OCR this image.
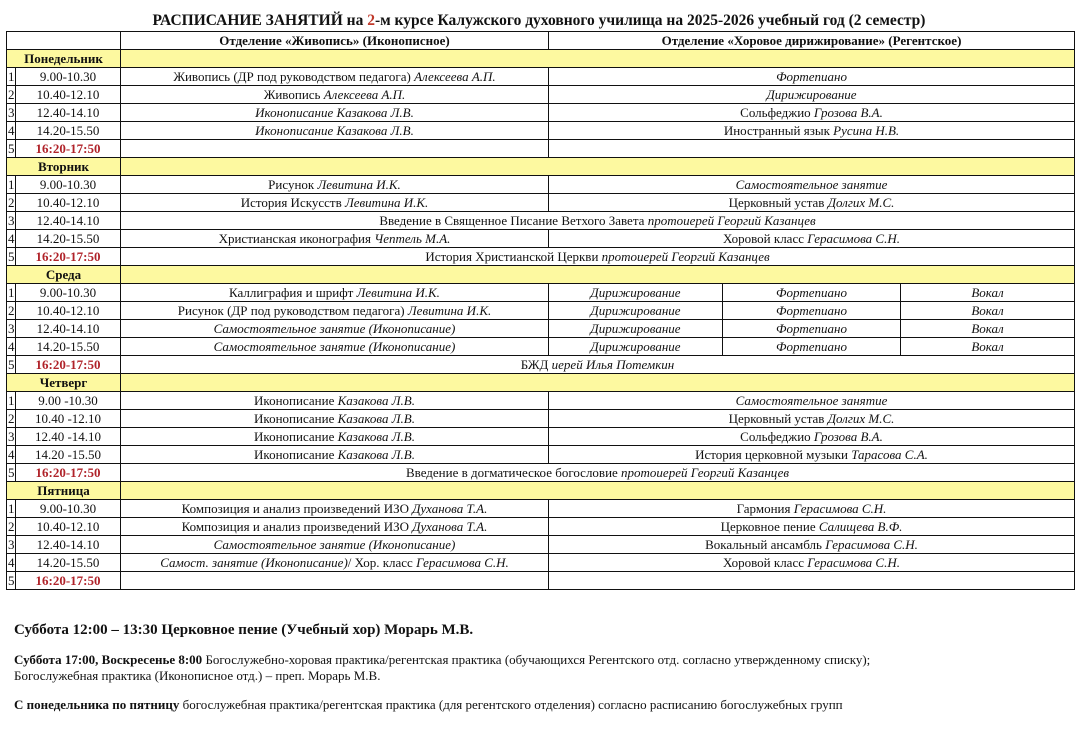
РАСПИСАНИЕ ЗАНЯТИЙ на 2-м курсе Калужского духовного училища на 2025-2026 учебный год (2 семестр)
		Отделение «Живопись» (Иконописное)	Отделение «Хоровое дирижирование» (Регентское)		
Понедельник					
1	9.00-10.30	Живопись (ДР под руководством педагога) Алексеева А.П.	Фортепиано		
2	10.40-12.10	Живопись Алексеева А.П.	Дирижирование		
3	12.40-14.10	Иконописание Казакова Л.В.	Сольфеджио Грозова В.А.		
4	14.20-15.50	Иконописание Казакова Л.В.	Иностранный язык Русина Н.В.		
5	16:20-17:50				
Вторник					
1	9.00-10.30	Рисунок Левитина И.К.	Самостоятельное занятие		
2	10.40-12.10	История Искусств Левитина И.К.	Церковный устав Долгих М.С.		
3	12.40-14.10	Введение в Священное Писание Ветхого Завета протоиерей Георгий Казанцев			
4	14.20-15.50	Христианская иконография Чептель М.А.	Хоровой класс Герасимова С.Н.		
5	16:20-17:50	История Христианской Церкви протоиерей Георгий Казанцев			
Среда					
1	9.00-10.30	Каллиграфия и шрифт Левитина И.К.	Дирижирование	Фортепиано	Вокал
2	10.40-12.10	Рисунок (ДР под руководством педагога) Левитина И.К.	Дирижирование	Фортепиано	Вокал
3	12.40-14.10	Самостоятельное занятие (Иконописание)	Дирижирование	Фортепиано	Вокал
4	14.20-15.50	Самостоятельное занятие (Иконописание)	Дирижирование	Фортепиано	Вокал
5	16:20-17:50	БЖД иерей Илья Потемкин			
Четверг					
1	9.00 -10.30	Иконописание Казакова Л.В.	Самостоятельное занятие		
2	10.40 -12.10	Иконописание Казакова Л.В.	Церковный устав Долгих М.С.		
3	12.40 -14.10	Иконописание Казакова Л.В.	Сольфеджио Грозова В.А.		
4	14.20 -15.50	Иконописание Казакова Л.В.	История церковной музыки Тарасова С.А.		
5	16:20-17:50	Введение в догматическое богословие протоиерей Георгий Казанцев			
Пятница					
1	9.00-10.30	Композиция и анализ произведений ИЗО Духанова Т.А.	Гармония Герасимова С.Н.		
2	10.40-12.10	Композиция и анализ произведений ИЗО Духанова Т.А.	Церковное пение Салищева В.Ф.		
3	12.40-14.10	Самостоятельное занятие (Иконописание)	Вокальный ансамбль Герасимова С.Н.		
4	14.20-15.50	Самост. занятие (Иконописание)/ Хор. класс Герасимова С.Н.	Хоровой класс Герасимова С.Н.		
5	16:20-17:50				
Суббота 12:00 – 13:30 Церковное пение (Учебный хор) Морарь М.В.
Суббота 17:00, Воскресенье 8:00 Богослужебно-хоровая практика/регентская практика (обучающихся Регентского отд. согласно утвержденному списку);
Богослужебная практика (Иконописное отд.) – преп. Морарь М.В.
С понедельника по пятницу богослужебная практика/регентская практика (для регентского отделения) согласно расписанию богослужебных групп
